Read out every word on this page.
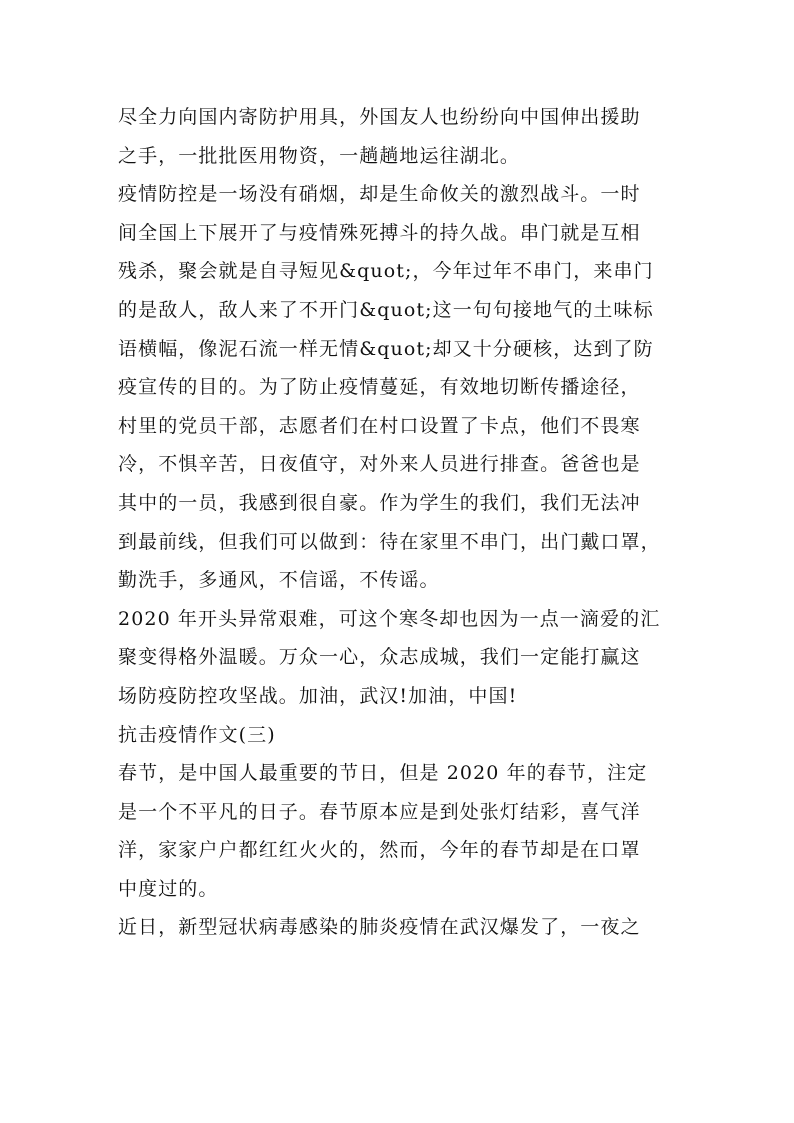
尽全力向国内寄防护用具，外国友人也纷纷向中国伸出援助
之手，一批批医用物资，一趟趟地运往湖北。
疫情防控是一场没有硝烟，却是生命攸关的激烈战斗。一时
间全国上下展开了与疫情殊死搏斗的持久战。串门就是互相
残杀，聚会就是自寻短见&quot;，今年过年不串门，来串门
的是敌人，敌人来了不开门&quot;这一句句接地气的土味标
语横幅，像泥石流一样无情&quot;却又十分硬核，达到了防
疫宣传的目的。为了防止疫情蔓延，有效地切断传播途径，
村里的党员干部，志愿者们在村口设置了卡点，他们不畏寒
冷，不惧辛苦，日夜值守，对外来人员进行排查。爸爸也是
其中的一员，我感到很自豪。作为学生的我们，我们无法冲
到最前线，但我们可以做到：待在家里不串门，出门戴口罩，
勤洗手，多通风，不信谣，不传谣。
2020 年开头异常艰难，可这个寒冬却也因为一点一滴爱的汇
聚变得格外温暖。万众一心，众志成城，我们一定能打赢这
场防疫防控攻坚战。加油，武汉!加油，中国!
抗击疫情作文(三)
春节，是中国人最重要的节日，但是 2020 年的春节，注定
是一个不平凡的日子。春节原本应是到处张灯结彩，喜气洋
洋，家家户户都红红火火的，然而，今年的春节却是在口罩
中度过的。
近日，新型冠状病毒感染的肺炎疫情在武汉爆发了，一夜之
